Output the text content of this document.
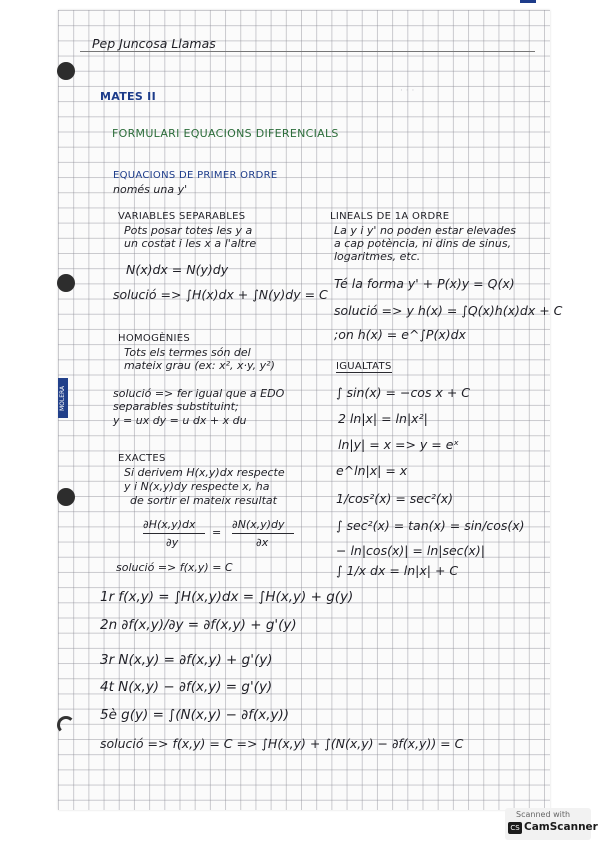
MOLERA
Pep Juncosa Llamas
MATES II
FORMULARI EQUACIONS DIFERENCIALS
EQUACIONS DE PRIMER ORDRE
només una y'
VARIABLES SEPARABLES
Pots posar totes les y a
un costat i les x a l'altre
N(x)dx = N(y)dy
solució => ∫H(x)dx + ∫N(y)dy = C
LINEALS DE 1A ORDRE
La y i y' no poden estar elevades
a cap potència, ni dins de sinus,
logaritmes, etc.
Té la forma y' + P(x)y = Q(x)
solució => y h(x) = ∫Q(x)h(x)dx + C
;on h(x) = e^∫P(x)dx
HOMOGÈNIES
Tots els termes són del
mateix grau (ex: x², x·y, y²)
solució => fer igual que a EDO
separables substituint;
y = ux dy = u dx + x du
IGUALTATS
∫ sin(x) = −cos x + C
2 ln|x| = ln|x²|
ln|y| = x => y = eˣ
e^ln|x| = x
1/cos²(x) = sec²(x)
∫ sec²(x) = tan(x) = sin/cos(x)
− ln|cos(x)| = ln|sec(x)|
∫ 1/x dx = ln|x| + C
EXACTES
Si derivem H(x,y)dx respecte
y i N(x,y)dy respecte x, ha
de sortir el mateix resultat
∂H(x,y)dx
∂y
=
∂N(x,y)dy
∂x
solució => f(x,y) = C
1r f(x,y) = ∫H(x,y)dx = ∫H(x,y) + g(y)
2n ∂f(x,y)/∂y = ∂f(x,y) + g'(y)
3r N(x,y) = ∂f(x,y) + g'(y)
4t N(x,y) − ∂f(x,y) = g'(y)
5è g(y) = ∫(N(x,y) − ∂f(x,y))
solució => f(x,y) = C => ∫H(x,y) + ∫(N(x,y) − ∂f(x,y)) = C
· · ·
Scanned with
CS CamScanner
